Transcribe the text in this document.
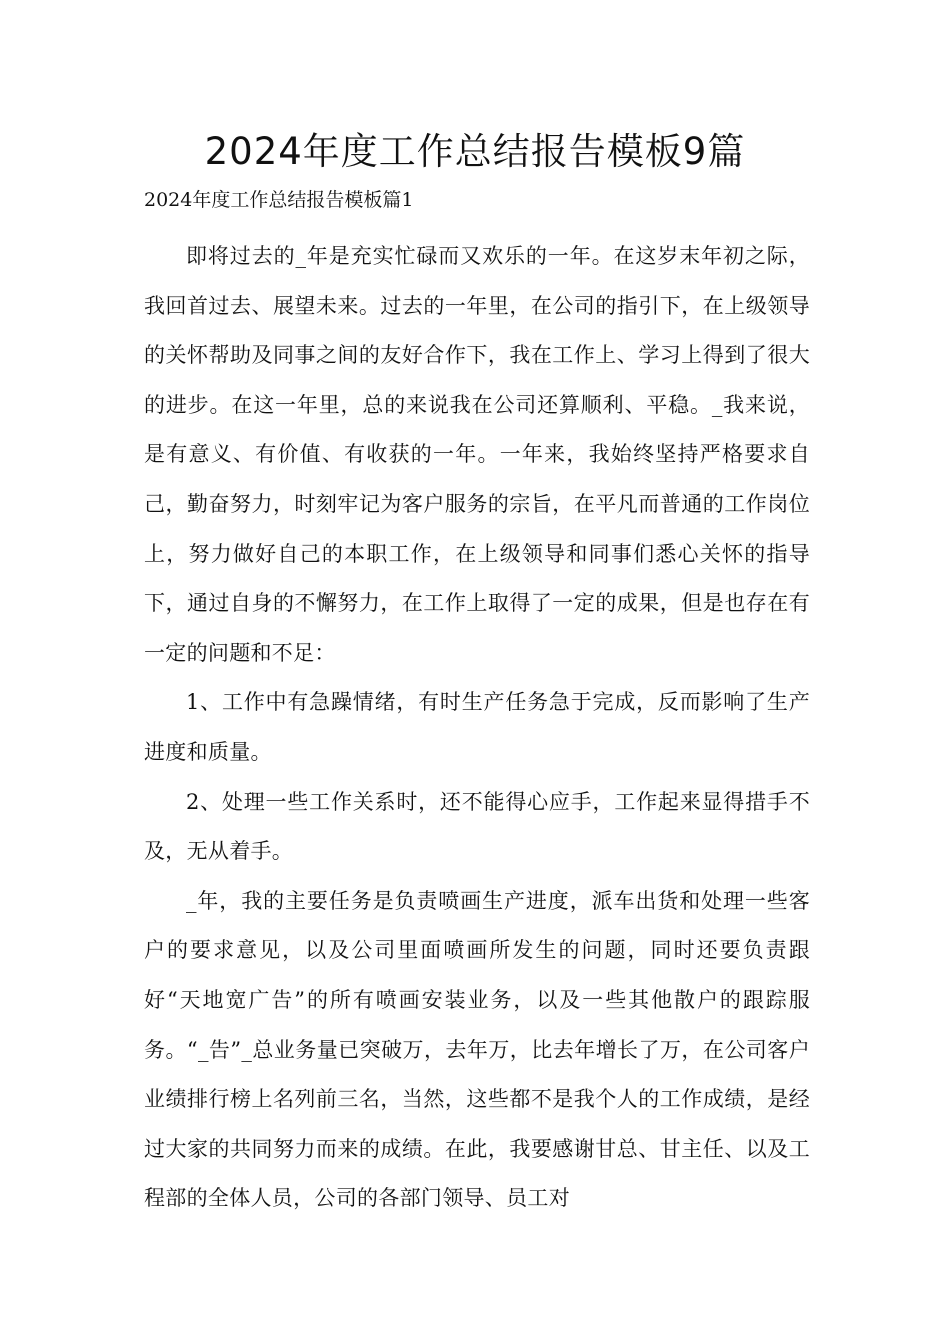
2024年度工作总结报告模板9篇

2024年度工作总结报告模板篇1

即将过去的_年是充实忙碌而又欢乐的一年。在这岁末年初之际，我回首过去、展望未来。过去的一年里，在公司的指引下，在上级领导的关怀帮助及同事之间的友好合作下，我在工作上、学习上得到了很大的进步。在这一年里，总的来说我在公司还算顺利、平稳。_我来说，是有意义、有价值、有收获的一年。一年来，我始终坚持严格要求自己，勤奋努力，时刻牢记为客户服务的宗旨，在平凡而普通的工作岗位上，努力做好自己的本职工作，在上级领导和同事们悉心关怀的指导下，通过自身的不懈努力，在工作上取得了一定的成果，但是也存在有一定的问题和不足：

1、工作中有急躁情绪，有时生产任务急于完成，反而影响了生产进度和质量。

2、处理一些工作关系时，还不能得心应手，工作起来显得措手不及，无从着手。

_年，我的主要任务是负责喷画生产进度，派车出货和处理一些客户的要求意见，以及公司里面喷画所发生的问题，同时还要负责跟好“天地宽广告”的所有喷画安装业务，以及一些其他散户的跟踪服务。“_告”_总业务量已突破万，去年万，比去年增长了万，在公司客户业绩排行榜上名列前三名，当然，这些都不是我个人的工作成绩，是经过大家的共同努力而来的成绩。在此，我要感谢甘总、甘主任、以及工程部的全体人员，公司的各部门领导、员工对
